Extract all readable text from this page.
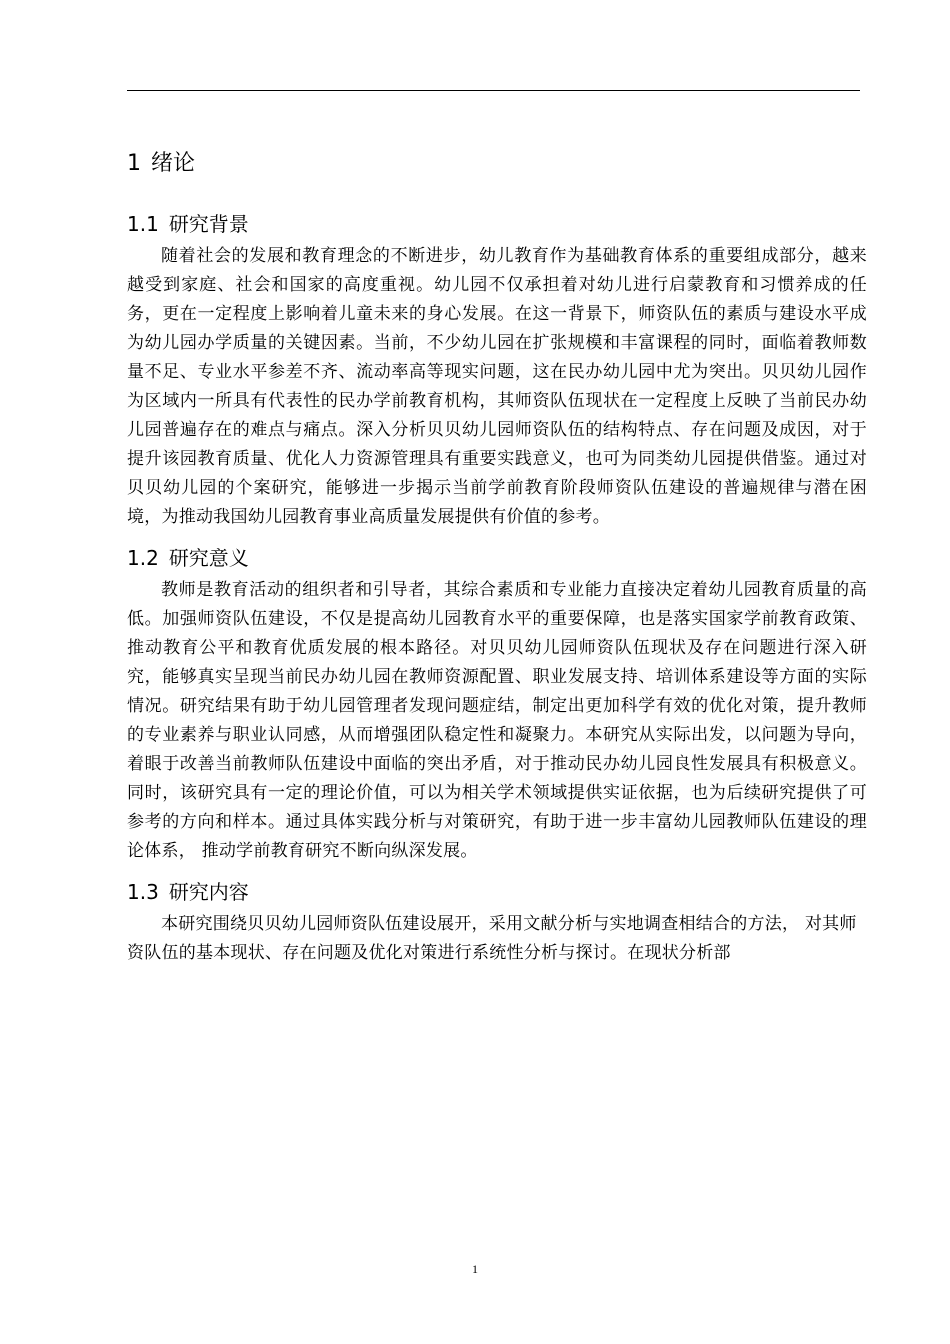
1 绪论
1.1 研究背景

随着社会的发展和教育理念的不断进步，幼儿教育作为基础教育体系的重要组成部分，越来越受到家庭、社会和国家的高度重视。幼儿园不仅承担着对幼儿进行启蒙教育和习惯养成的任务，更在一定程度上影响着儿童未来的身心发展。在这一背景下，师资队伍的素质与建设水平成为幼儿园办学质量的关键因素。当前，不少幼儿园在扩张规模和丰富课程的同时，面临着教师数量不足、专业水平参差不齐、流动率高等现实问题，这在民办幼儿园中尤为突出。贝贝幼儿园作为区域内一所具有代表性的民办学前教育机构，其师资队伍现状在一定程度上反映了当前民办幼儿园普遍存在的难点与痛点。深入分析贝贝幼儿园师资队伍的结构特点、存在问题及成因，对于提升该园教育质量、优化人力资源管理具有重要实践意义，也可为同类幼儿园提供借鉴。通过对贝贝幼儿园的个案研究，能够进一步揭示当前学前教育阶段师资队伍建设的普遍规律与潜在困境，为推动我国幼儿园教育事业高质量发展提供有价值的参考。

1.2 研究意义

教师是教育活动的组织者和引导者，其综合素质和专业能力直接决定着幼儿园教育质量的高低。加强师资队伍建设，不仅是提高幼儿园教育水平的重要保障，也是落实国家学前教育政策、推动教育公平和教育优质发展的根本路径。对贝贝幼儿园师资队伍现状及存在问题进行深入研究，能够真实呈现当前民办幼儿园在教师资源配置、职业发展支持、培训体系建设等方面的实际情况。研究结果有助于幼儿园管理者发现问题症结，制定出更加科学有效的优化对策，提升教师的专业素养与职业认同感，从而增强团队稳定性和凝聚力。本研究从实际出发，以问题为导向，着眼于改善当前教师队伍建设中面临的突出矛盾，对于推动民办幼儿园良性发展具有积极意义。同时，该研究具有一定的理论价值，可以为相关学术领域提供实证依据，也为后续研究提供了可参考的方向和样本。通过具体实践分析与对策研究，有助于进一步丰富幼儿园教师队伍建设的理论体系， 推动学前教育研究不断向纵深发展。

1.3 研究内容

本研究围绕贝贝幼儿园师资队伍建设展开，采用文献分析与实地调查相结合的方法， 对其师资队伍的基本现状、存在问题及优化对策进行系统性分析与探讨。在现状分析部

1
